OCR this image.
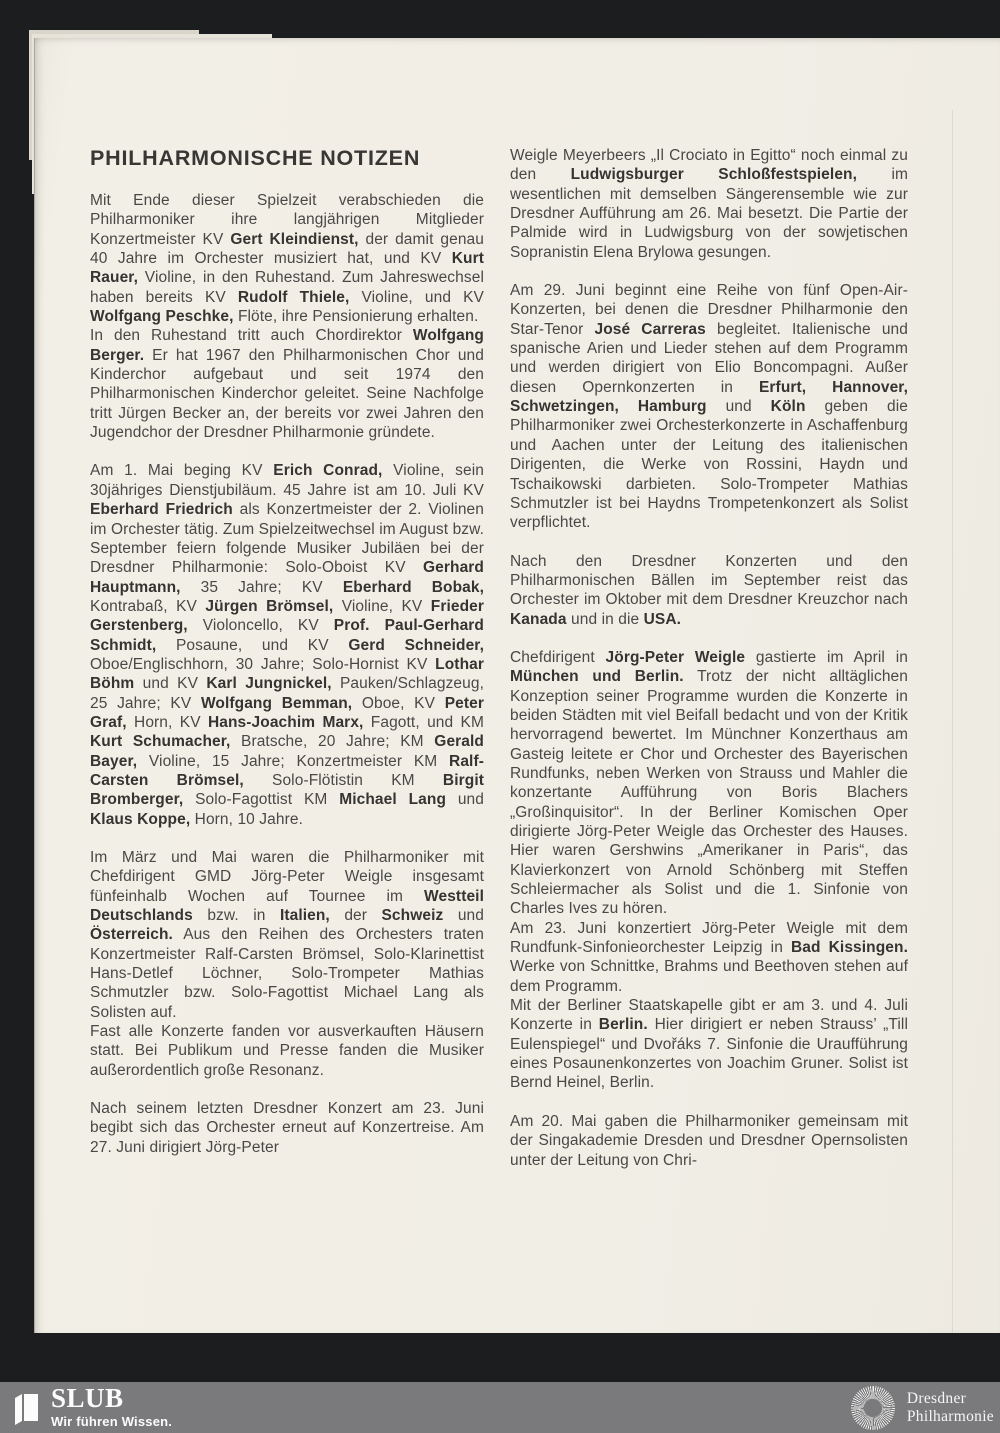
PHILHARMONISCHE NOTIZEN

Mit Ende dieser Spielzeit verabschieden die Philharmoniker ihre langjährigen Mitglieder Konzertmeister KV Gert Kleindienst, der damit genau 40 Jahre im Orchester musiziert hat, und KV Kurt Rauer, Violine, in den Ruhestand. Zum Jahreswechsel haben bereits KV Rudolf Thiele, Violine, und KV Wolfgang Peschke, Flöte, ihre Pensionierung erhalten.
In den Ruhestand tritt auch Chordirektor Wolfgang Berger. Er hat 1967 den Philharmonischen Chor und Kinderchor aufgebaut und seit 1974 den Philharmonischen Kinderchor geleitet. Seine Nachfolge tritt Jürgen Becker an, der bereits vor zwei Jahren den Jugendchor der Dresdner Philharmonie gründete.

Am 1. Mai beging KV Erich Conrad, Violine, sein 30jähriges Dienstjubiläum. 45 Jahre ist am 10. Juli KV Eberhard Friedrich als Konzertmeister der 2. Violinen im Orchester tätig. Zum Spielzeitwechsel im August bzw. September feiern folgende Musiker Jubiläen bei der Dresdner Philharmonie: Solo-Oboist KV Gerhard Hauptmann, 35 Jahre; KV Eberhard Bobak, Kontrabaß, KV Jürgen Brömsel, Violine, KV Frieder Gerstenberg, Violoncello, KV Prof. Paul-Gerhard Schmidt, Posaune, und KV Gerd Schneider, Oboe/Englischhorn, 30 Jahre; Solo-Hornist KV Lothar Böhm und KV Karl Jungnickel, Pauken/Schlagzeug, 25 Jahre; KV Wolfgang Bemman, Oboe, KV Peter Graf, Horn, KV Hans-Joachim Marx, Fagott, und KM Kurt Schumacher, Bratsche, 20 Jahre; KM Gerald Bayer, Violine, 15 Jahre; Konzertmeister KM Ralf-Carsten Brömsel, Solo-Flötistin KM Birgit Bromberger, Solo-Fagottist KM Michael Lang und Klaus Koppe, Horn, 10 Jahre.

Im März und Mai waren die Philharmoniker mit Chefdirigent GMD Jörg-Peter Weigle insgesamt fünfeinhalb Wochen auf Tournee im Westteil Deutschlands bzw. in Italien, der Schweiz und Österreich. Aus den Reihen des Orchesters traten Konzertmeister Ralf-Carsten Brömsel, Solo-Klarinettist Hans-Detlef Löchner, Solo-Trompeter Mathias Schmutzler bzw. Solo-Fagottist Michael Lang als Solisten auf.
Fast alle Konzerte fanden vor ausverkauften Häusern statt. Bei Publikum und Presse fanden die Musiker außerordentlich große Resonanz.

Nach seinem letzten Dresdner Konzert am 23. Juni begibt sich das Orchester erneut auf Konzertreise. Am 27. Juni dirigiert Jörg-Peter

Weigle Meyerbeers „Il Crociato in Egitto“ noch einmal zu den Ludwigsburger Schloßfestspielen, im wesentlichen mit demselben Sängerensemble wie zur Dresdner Aufführung am 26. Mai besetzt. Die Partie der Palmide wird in Ludwigsburg von der sowjetischen Sopranistin Elena Brylowa gesungen.

Am 29. Juni beginnt eine Reihe von fünf Open-Air-Konzerten, bei denen die Dresdner Philharmonie den Star-Tenor José Carreras begleitet. Italienische und spanische Arien und Lieder stehen auf dem Programm und werden dirigiert von Elio Boncompagni. Außer diesen Opernkonzerten in Erfurt, Hannover, Schwetzingen, Hamburg und Köln geben die Philharmoniker zwei Orchesterkonzerte in Aschaffenburg und Aachen unter der Leitung des italienischen Dirigenten, die Werke von Rossini, Haydn und Tschaikowski darbieten. Solo-Trompeter Mathias Schmutzler ist bei Haydns Trompetenkonzert als Solist verpflichtet.

Nach den Dresdner Konzerten und den Philharmonischen Bällen im September reist das Orchester im Oktober mit dem Dresdner Kreuzchor nach Kanada und in die USA.

Chefdirigent Jörg-Peter Weigle gastierte im April in München und Berlin. Trotz der nicht alltäglichen Konzeption seiner Programme wurden die Konzerte in beiden Städten mit viel Beifall bedacht und von der Kritik hervorragend bewertet. Im Münchner Konzerthaus am Gasteig leitete er Chor und Orchester des Bayerischen Rundfunks, neben Werken von Strauss und Mahler die konzertante Aufführung von Boris Blachers „Großinquisitor“. In der Berliner Komischen Oper dirigierte Jörg-Peter Weigle das Orchester des Hauses. Hier waren Gershwins „Amerikaner in Paris“, das Klavierkonzert von Arnold Schönberg mit Steffen Schleiermacher als Solist und die 1. Sinfonie von Charles Ives zu hören.
Am 23. Juni konzertiert Jörg-Peter Weigle mit dem Rundfunk-Sinfonieorchester Leipzig in Bad Kissingen. Werke von Schnittke, Brahms und Beethoven stehen auf dem Programm.
Mit der Berliner Staatskapelle gibt er am 3. und 4. Juli Konzerte in Berlin. Hier dirigiert er neben Strauss’ „Till Eulenspiegel“ und Dvořáks 7. Sinfonie die Uraufführung eines Posaunenkonzertes von Joachim Gruner. Solist ist Bernd Heinel, Berlin.

Am 20. Mai gaben die Philharmoniker gemeinsam mit der Singakademie Dresden und Dresdner Opernsolisten unter der Leitung von Chri-

SLUB
Wir führen Wissen.
Dresdner
Philharmonie
